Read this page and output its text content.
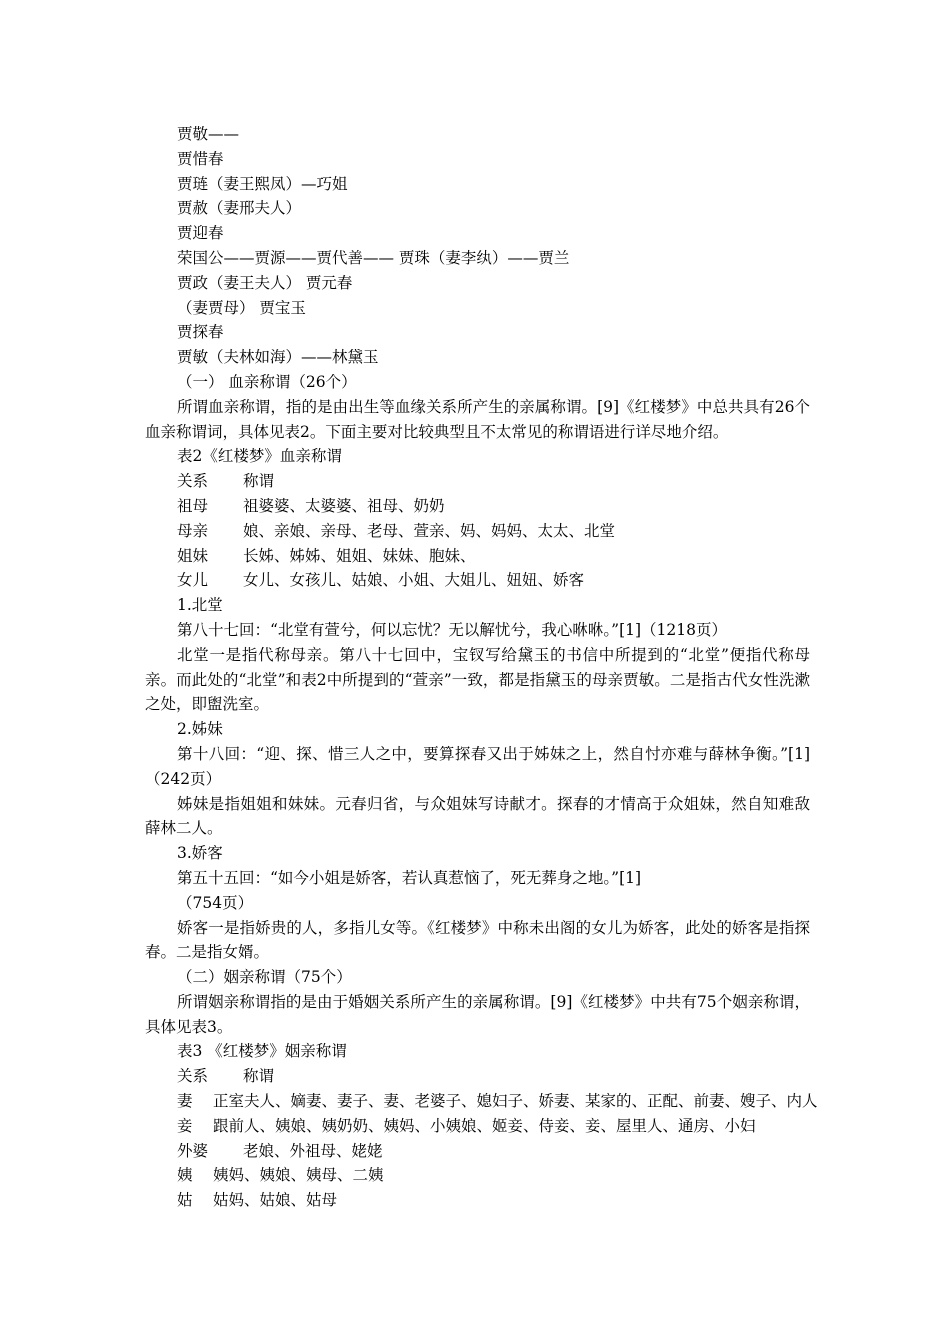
贾敬——
贾惜春
贾琏（妻王熙凤）—巧姐
贾赦（妻邢夫人）
贾迎春
荣国公——贾源——贾代善—— 贾珠（妻李纨）——贾兰
贾政（妻王夫人） 贾元春
（妻贾母） 贾宝玉
贾探春
贾敏（夫林如海）——林黛玉
（一） 血亲称谓（26个）
所谓血亲称谓，指的是由出生等血缘关系所产生的亲属称谓。[9]《红楼梦》中总共具有26个血亲称谓词，具体见表2。下面主要对比较典型且不太常见的称谓语进行详尽地介绍。
表2《红楼梦》血亲称谓
关系 称谓
祖母 祖婆婆、太婆婆、祖母、奶奶
母亲 娘、亲娘、亲母、老母、萱亲、妈、妈妈、太太、北堂
姐妹 长姊、姊姊、姐姐、妹妹、胞妹、
女儿 女儿、女孩儿、姑娘、小姐、大姐儿、妞妞、娇客
1.北堂
第八十七回：“北堂有萱兮，何以忘忧？无以解忧兮，我心咻咻。”[1]（1218页）
北堂一是指代称母亲。第八十七回中，宝钗写给黛玉的书信中所提到的“北堂”便指代称母亲。而此处的“北堂”和表2中所提到的“萱亲”一致，都是指黛玉的母亲贾敏。二是指古代女性洗漱之处，即盥洗室。
2.姊妹
第十八回：“迎、探、惜三人之中，要算探春又出于姊妹之上，然自忖亦难与薛林争衡。”[1]（242页）
姊妹是指姐姐和妹妹。元春归省，与众姐妹写诗献才。探春的才情高于众姐妹，然自知难敌薛林二人。
3.娇客
第五十五回：“如今小姐是娇客，若认真惹恼了，死无葬身之地。”[1]
（754页）
娇客一是指娇贵的人，多指儿女等。《红楼梦》中称未出阁的女儿为娇客，此处的娇客是指探春。二是指女婿。
（二）姻亲称谓（75个）
所谓姻亲称谓指的是由于婚姻关系所产生的亲属称谓。[9]《红楼梦》中共有75个姻亲称谓，具体见表3。
表3 《红楼梦》姻亲称谓
关系 称谓
妻 正室夫人、嫡妻、妻子、妻、老婆子、媳妇子、娇妻、某家的、正配、前妻、嫂子、内人
妾 跟前人、姨娘、姨奶奶、姨妈、小姨娘、姬妾、侍妾、妾、屋里人、通房、小妇
外婆 老娘、外祖母、姥姥
姨 姨妈、姨娘、姨母、二姨
姑 姑妈、姑娘、姑母
